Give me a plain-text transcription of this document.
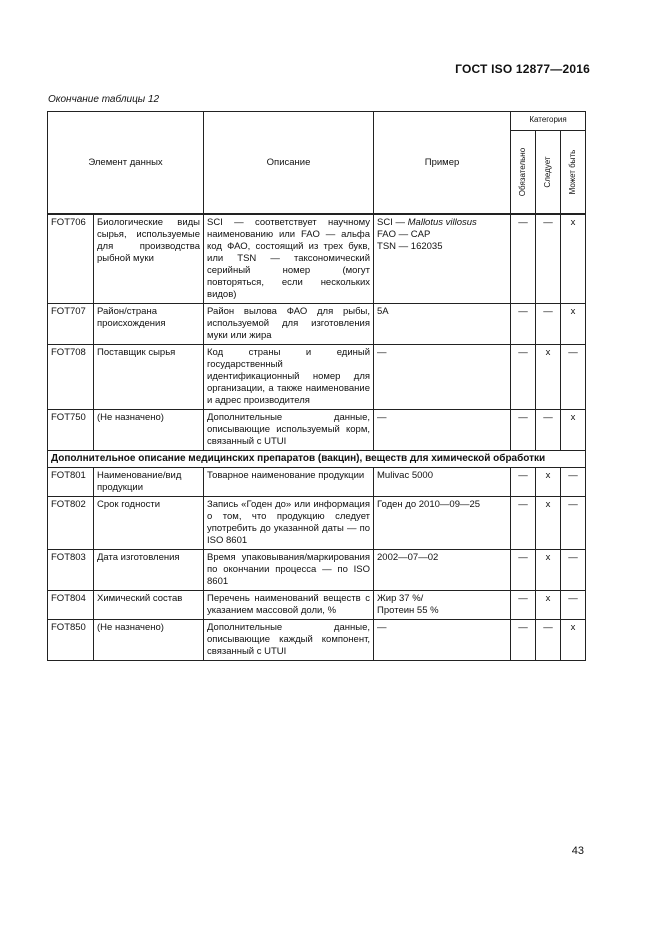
ГОСТ ISO 12877—2016
Окончание таблицы 12
Элемент данных		Описание	Пример	Категория		

				Обязательно	Следует	Может быть

FOT706	Биологические виды сырья, используемые для производства рыбной муки	SCI — соответствует научному наименованию или FAO — альфа код ФАО, состоящий из трех букв, или TSN — таксономический серийный номер (могут повторяться, если нескольких видов)	SCI — Mallotus villosus
FAO — CAP
TSN — 162035	—	—	x
FOT707	Район/страна происхождения	Район вылова ФАО для рыбы, используемой для изготовления муки или жира	5A	—	—	x
FOT708	Поставщик сырья	Код страны и единый государственный идентификационный номер для организации, а также наименование и адрес производителя	—	—	x	—
FOT750	(Не назначено)	Дополнительные данные, описывающие используемый корм, связанный с UTUI	—	—	—	x
Дополнительное описание медицинских препаратов (вакцин), веществ для химической обработки						
FOT801	Наименование/вид продукции	Товарное наименование продукции	Mulivac 5000	—	x	—
FOT802	Срок годности	Запись «Годен до» или информация о том, что продукцию следует употребить до указанной даты — по ISO 8601	Годен до 2010—09—25	—	x	—
FOT803	Дата изготовления	Время упаковывания/маркирования по окончании процесса — по ISO 8601	2002—07—02	—	x	—
FOT804	Химический состав	Перечень наименований веществ с указанием массовой доли, %	Жир 37 %/
Протеин 55 %	—	x	—
FOT850	(Не назначено)	Дополнительные данные, описывающие каждый компонент, связанный с UTUI	—	—	—	x
43
